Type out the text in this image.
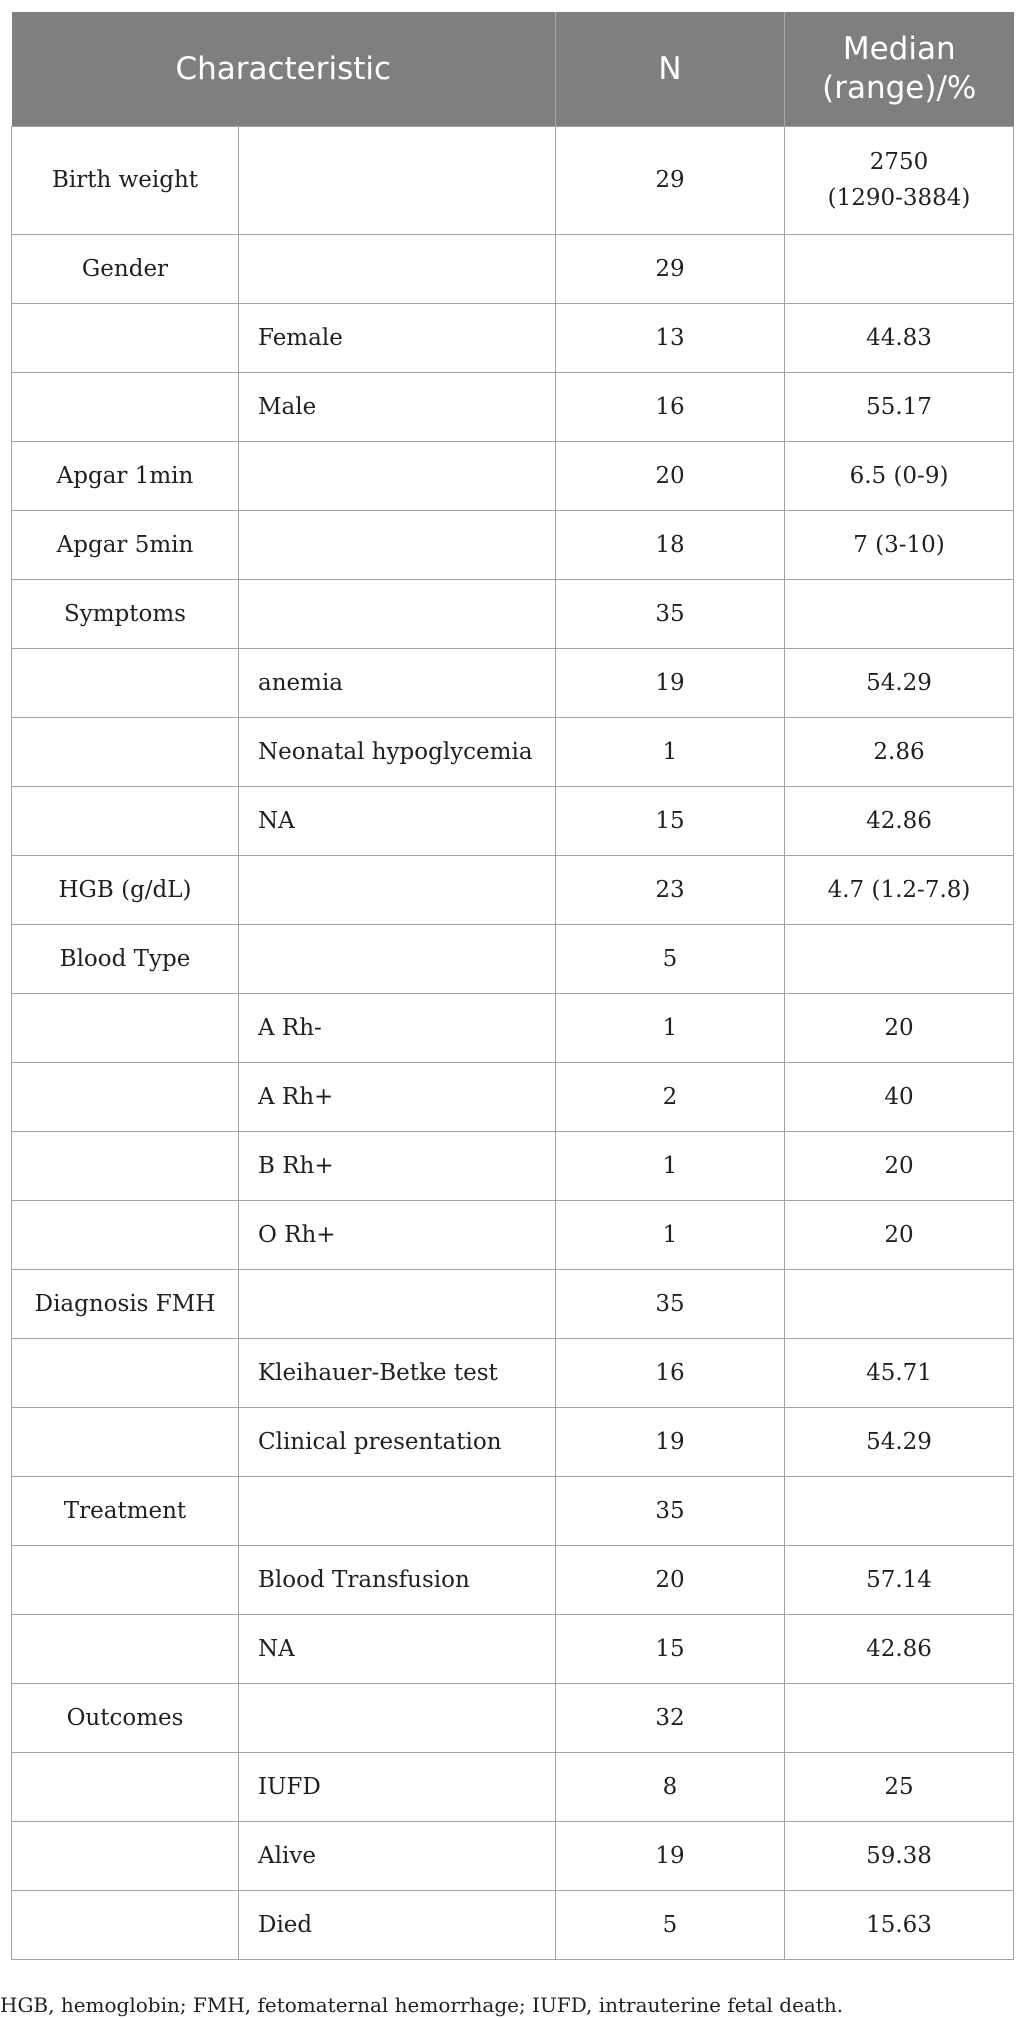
Characteristic		N	Median
(range)/%
Birth weight		29	2750
(1290-3884)
Gender		29	
	Female	13	44.83
	Male	16	55.17
Apgar 1min		20	6.5 (0-9)
Apgar 5min		18	7 (3-10)
Symptoms		35	
	anemia	19	54.29
	Neonatal hypoglycemia	1	2.86
	NA	15	42.86
HGB (g/dL)		23	4.7 (1.2-7.8)
Blood Type		5	
	A Rh-	1	20
	A Rh+	2	40
	B Rh+	1	20
	O Rh+	1	20
Diagnosis FMH		35	
	Kleihauer-Betke test	16	45.71
	Clinical presentation	19	54.29
Treatment		35	
	Blood Transfusion	20	57.14
	NA	15	42.86
Outcomes		32	
	IUFD	8	25
	Alive	19	59.38
	Died	5	15.63
HGB, hemoglobin; FMH, fetomaternal hemorrhage; IUFD, intrauterine fetal death.
